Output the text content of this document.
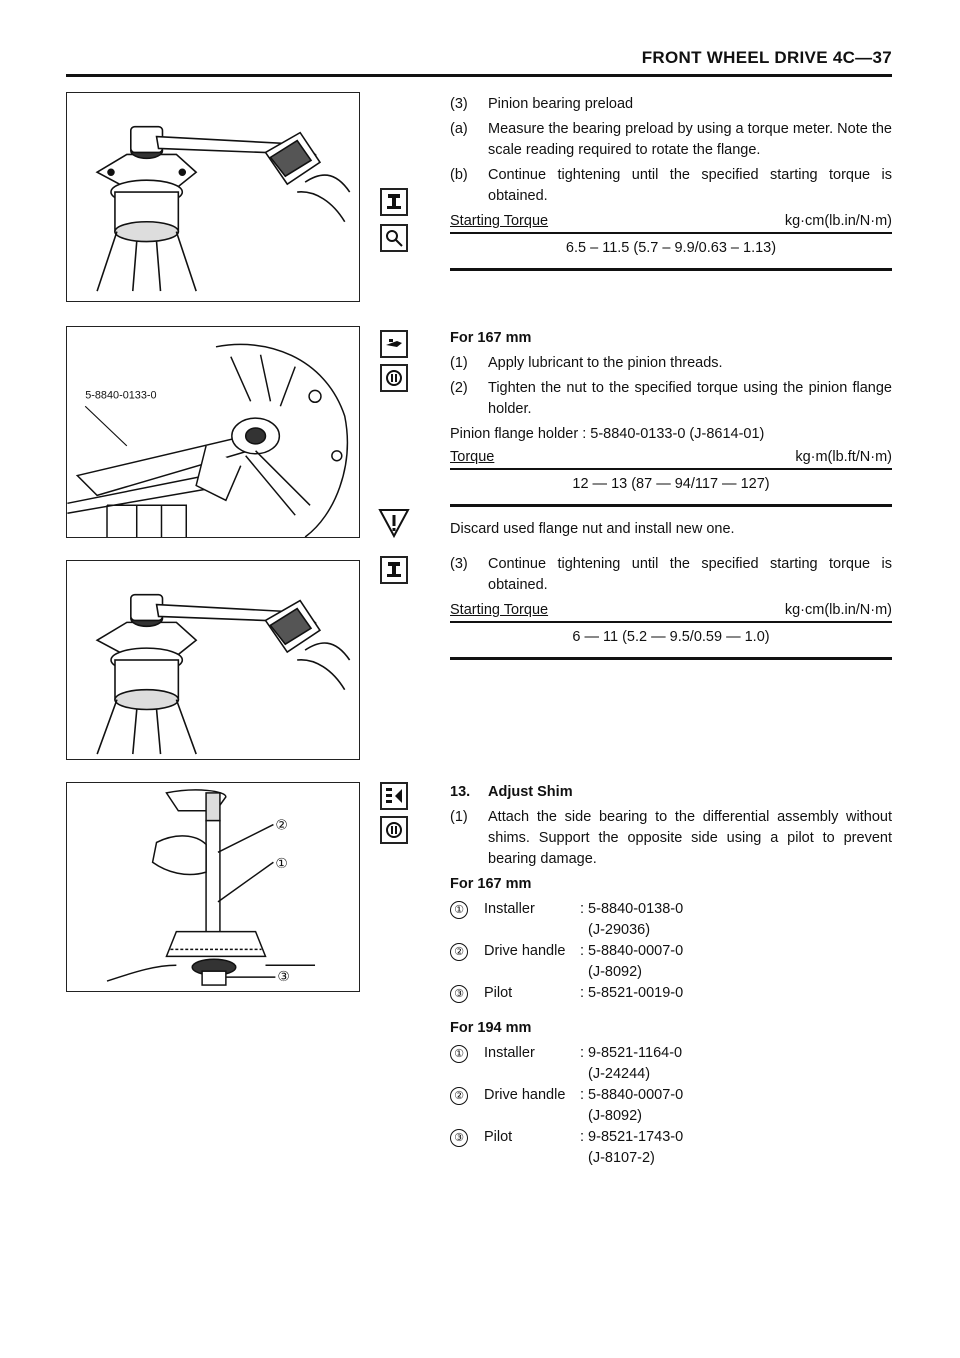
FRONT WHEEL DRIVE 4C—37
5-8840-0133-0
②
①
③
(3)	Pinion bearing preload
(a)	Measure the bearing preload by using a torque meter. Note the scale reading required to rotate the flange.
(b)	Continue tightening until the specified starting torque is obtained.
Starting Torque	kg·cm(lb.in/N·m)
6.5 – 11.5 (5.7 – 9.9/0.63 – 1.13)
For 167 mm
(1)	Apply lubricant to the pinion threads.
(2)	Tighten the nut to the specified torque using the pinion flange holder.
Pinion flange holder : 5-8840-0133-0 (J-8614-01)
Torque	kg·m(lb.ft/N·m)
12 — 13 (87 — 94/117 — 127)
Discard used flange nut and install new one.
(3)	Continue tightening until the specified starting torque is obtained.
Starting Torque	kg·cm(lb.in/N·m)
6 — 11 (5.2 — 9.5/0.59 — 1.0)
13.	Adjust Shim
(1)	Attach the side bearing to the differential assembly without shims. Support the opposite side using a pilot to prevent bearing damage.
For 167 mm
①	Installer	: 5-8840-0138-0
(J-29036)
②	Drive handle	: 5-8840-0007-0
(J-8092)
③	Pilot	: 5-8521-0019-0
For 194 mm
①	Installer	: 9-8521-1164-0
(J-24244)
②	Drive handle	: 5-8840-0007-0
(J-8092)
③	Pilot	: 9-8521-1743-0
(J-8107-2)
